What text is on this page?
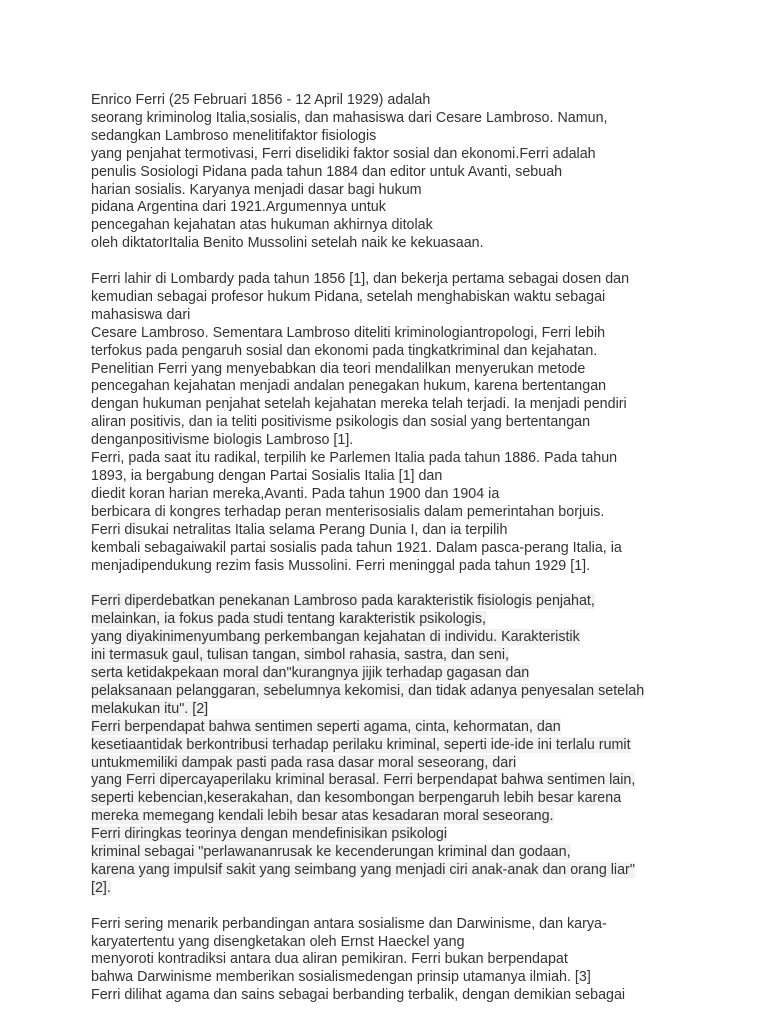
Enrico Ferri (25 Februari 1856 - 12 April 1929) adalah
seorang kriminolog Italia,sosialis, dan mahasiswa dari Cesare Lambroso. Namun,
sedangkan Lambroso menelitifaktor fisiologis
yang penjahat termotivasi, Ferri diselidiki faktor sosial dan ekonomi.Ferri adalah
penulis Sosiologi Pidana pada tahun 1884 dan editor untuk Avanti, sebuah
harian sosialis. Karyanya menjadi dasar bagi hukum
pidana Argentina dari 1921.Argumennya untuk
pencegahan kejahatan atas hukuman akhirnya ditolak
oleh diktatorItalia Benito Mussolini setelah naik ke kekuasaan.

Ferri lahir di Lombardy pada tahun 1856 [1], dan bekerja pertama sebagai dosen dan
kemudian sebagai profesor hukum Pidana, setelah menghabiskan waktu sebagai
mahasiswa dari
Cesare Lambroso. Sementara Lambroso diteliti kriminologiantropologi, Ferri lebih
terfokus pada pengaruh sosial dan ekonomi pada tingkatkriminal dan kejahatan.
Penelitian Ferri yang menyebabkan dia teori mendalilkan menyerukan metode
pencegahan kejahatan menjadi andalan penegakan hukum, karena bertentangan
dengan hukuman penjahat setelah kejahatan mereka telah terjadi. Ia menjadi pendiri
aliran positivis, dan ia teliti positivisme psikologis dan sosial yang bertentangan
denganpositivisme biologis Lambroso [1].
Ferri, pada saat itu radikal, terpilih ke Parlemen Italia pada tahun 1886. Pada tahun
1893, ia bergabung dengan Partai Sosialis Italia [1] dan
diedit koran harian mereka,Avanti. Pada tahun 1900 dan 1904 ia
berbicara di kongres terhadap peran menterisosialis dalam pemerintahan borjuis.
Ferri disukai netralitas Italia selama Perang Dunia I, dan ia terpilih
kembali sebagaiwakil partai sosialis pada tahun 1921. Dalam pasca-perang Italia, ia
menjadipendukung rezim fasis Mussolini. Ferri meninggal pada tahun 1929 [1].

Ferri diperdebatkan penekanan Lambroso pada karakteristik fisiologis penjahat,
melainkan, ia fokus pada studi tentang karakteristik psikologis,
yang diyakinimenyumbang perkembangan kejahatan di individu. Karakteristik
ini termasuk gaul, tulisan tangan, simbol rahasia, sastra, dan seni,
serta ketidakpekaan moral dan"kurangnya jijik terhadap gagasan dan
pelaksanaan pelanggaran, sebelumnya kekomisi, dan tidak adanya penyesalan setelah
melakukan itu". [2]
Ferri berpendapat bahwa sentimen seperti agama, cinta, kehormatan, dan
kesetiaantidak berkontribusi terhadap perilaku kriminal, seperti ide-ide ini terlalu rumit
untukmemiliki dampak pasti pada rasa dasar moral seseorang, dari
yang Ferri dipercayaperilaku kriminal berasal. Ferri berpendapat bahwa sentimen lain,
seperti kebencian,keserakahan, dan kesombongan berpengaruh lebih besar karena
mereka memegang kendali lebih besar atas kesadaran moral seseorang.
Ferri diringkas teorinya dengan mendefinisikan psikologi
kriminal sebagai "perlawananrusak ke kecenderungan kriminal dan godaan,
karena yang impulsif sakit yang seimbang yang menjadi ciri anak-anak dan orang liar"
[2].

Ferri sering menarik perbandingan antara sosialisme dan Darwinisme, dan karya-
karyatertentu yang disengketakan oleh Ernst Haeckel yang
menyoroti kontradiksi antara dua aliran pemikiran. Ferri bukan berpendapat
bahwa Darwinisme memberikan sosialismedengan prinsip utamanya ilmiah. [3]
Ferri dilihat agama dan sains sebagai berbanding terbalik, dengan demikian sebagai
